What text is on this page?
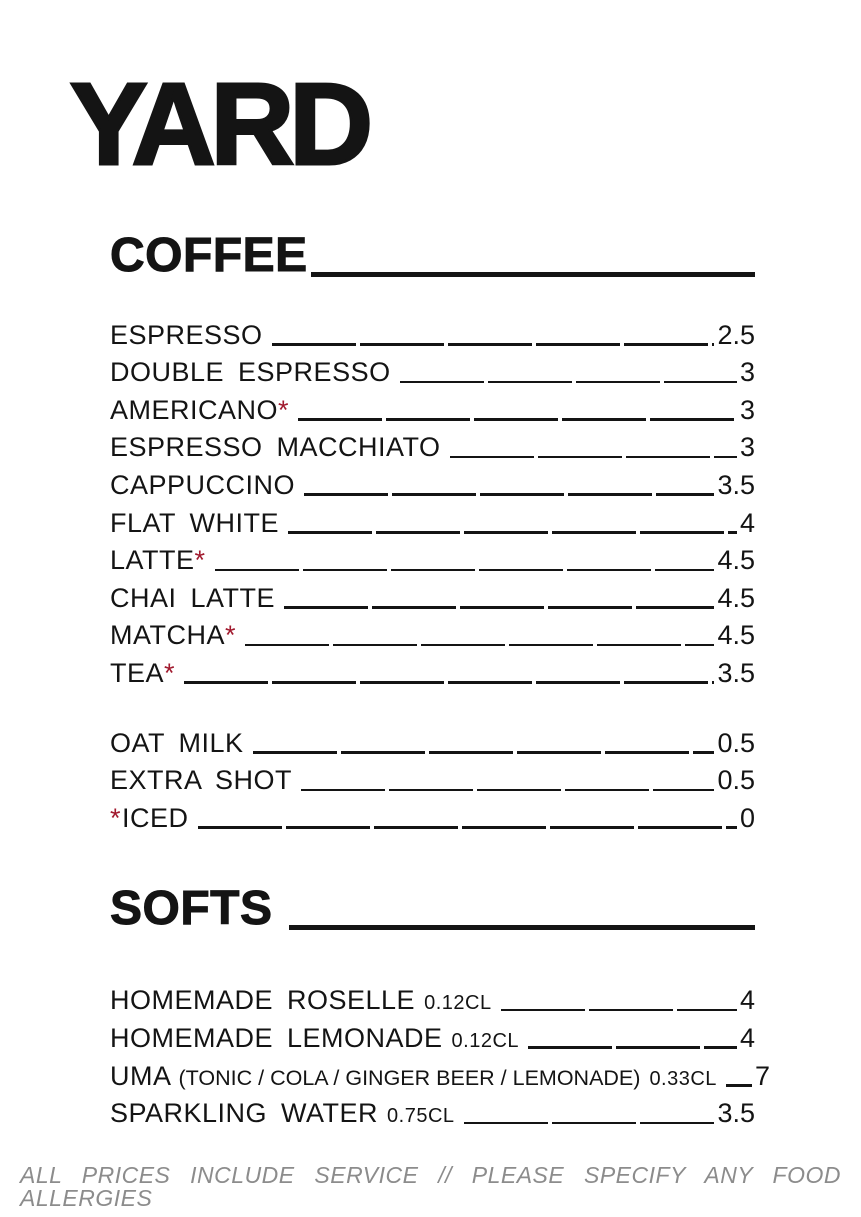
YARD
COFFEE
ESPRESSO	2.5
DOUBLE ESPRESSO	3
AMERICANO *	3
ESPRESSO MACCHIATO	3
CAPPUCCINO	3.5
FLAT WHITE	4
LATTE *	4.5
CHAI LATTE	4.5
MATCHA *	4.5
TEA *	3.5
OAT MILK	0.5
EXTRA SHOT	0.5
* ICED	0
SOFTS
HOMEMADE ROSELLE 0.12CL	4
HOMEMADE LEMONADE 0.12CL	4
UMA (TONIC / COLA / GINGER BEER / LEMONADE) 0.33CL 7
SPARKLING WATER 0.75CL	3.5
ALL PRICES INCLUDE SERVICE // PLEASE SPECIFY ANY FOOD ALLERGIES
